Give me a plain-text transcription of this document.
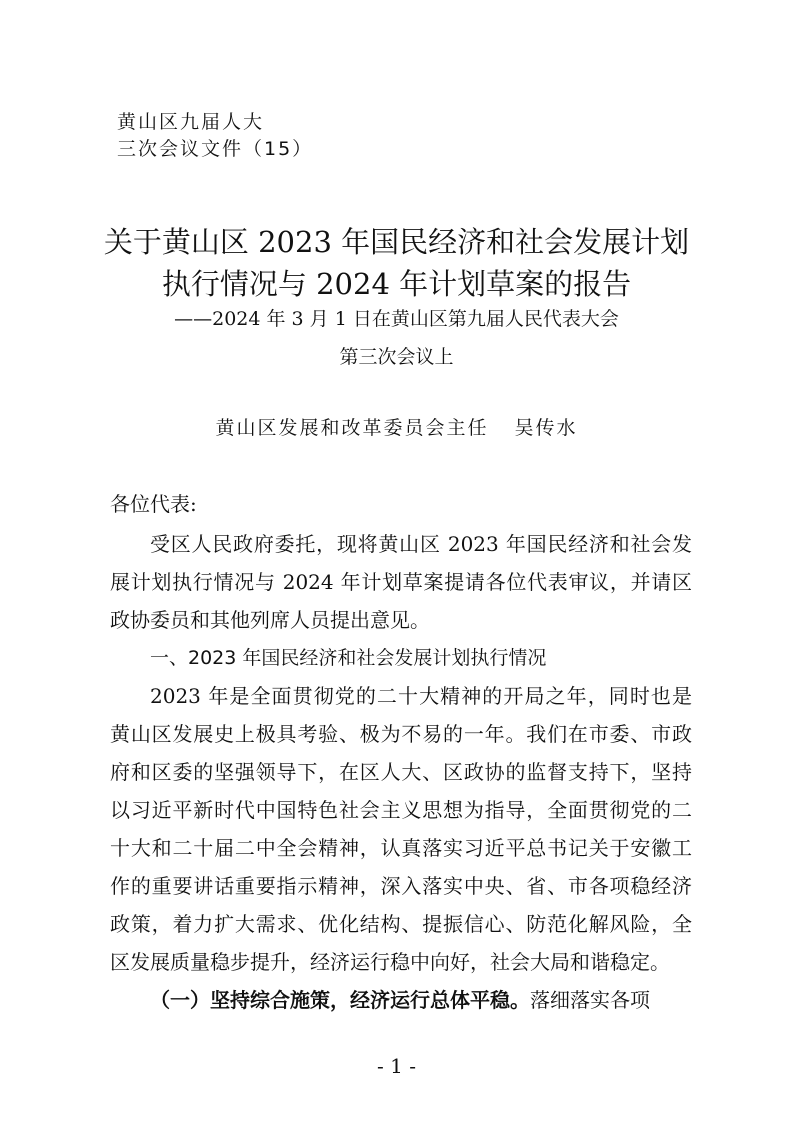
黄山区九届人大
三次会议文件（15）
关于黄山区 2023 年国民经济和社会发展计划
执行情况与 2024 年计划草案的报告
——2024 年 3 月 1 日在黄山区第九届人民代表大会
第三次会议上
黄山区发展和改革委员会主任 吴传水
各位代表:
受区人民政府委托，现将黄山区 2023 年国民经济和社会发
展计划执行情况与 2024 年计划草案提请各位代表审议，并请区
政协委员和其他列席人员提出意见。
一、2023 年国民经济和社会发展计划执行情况
2023 年是全面贯彻党的二十大精神的开局之年，同时也是
黄山区发展史上极具考验、极为不易的一年。我们在市委、市政
府和区委的坚强领导下，在区人大、区政协的监督支持下，坚持
以习近平新时代中国特色社会主义思想为指导，全面贯彻党的二
十大和二十届二中全会精神，认真落实习近平总书记关于安徽工
作的重要讲话重要指示精神，深入落实中央、省、市各项稳经济
政策，着力扩大需求、优化结构、提振信心、防范化解风险，全
区发展质量稳步提升，经济运行稳中向好，社会大局和谐稳定。
（一）坚持综合施策，经济运行总体平稳。落细落实各项
- 1 -
